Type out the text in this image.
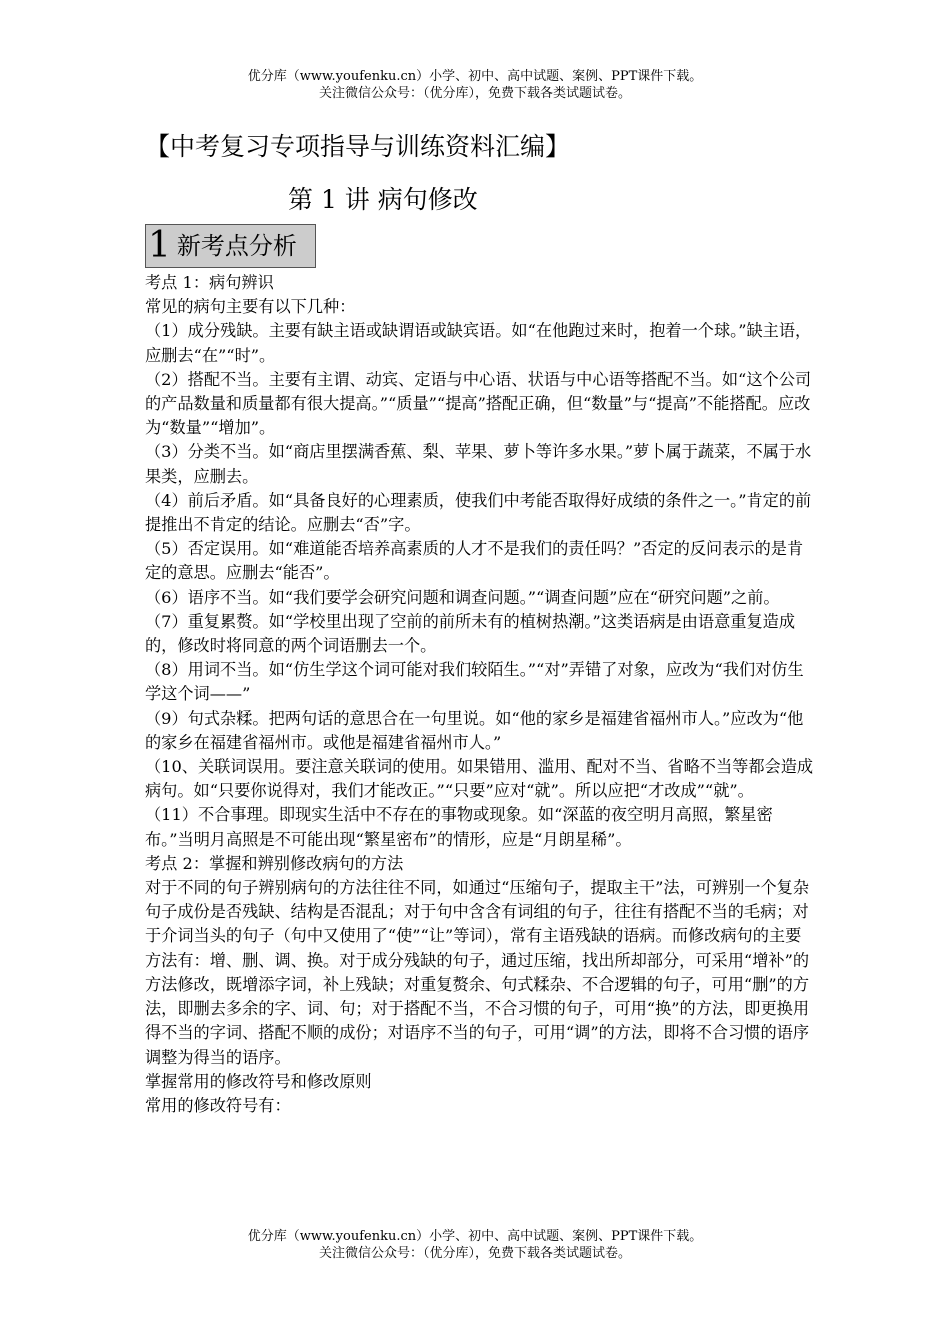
优分库（www.youfenku.cn）小学、初中、高中试题、案例、PPT课件下载。
关注微信公众号：（优分库），免费下载各类试题试卷。
【中考复习专项指导与训练资料汇编】
第 1 讲 病句修改
1 新考点分析

考点 1：病句辨识

常见的病句主要有以下几种：

（1）成分残缺。主要有缺主语或缺谓语或缺宾语。如“在他跑过来时，抱着一个球。”缺主语，应删去“在”“时”。

（2）搭配不当。主要有主谓、动宾、定语与中心语、状语与中心语等搭配不当。如“这个公司的产品数量和质量都有很大提高。”“质量”“提高”搭配正确，但“数量”与“提高”不能搭配。应改为“数量”“增加”。

（3）分类不当。如“商店里摆满香蕉、梨、苹果、萝卜等许多水果。”萝卜属于蔬菜，不属于水果类，应删去。

（4）前后矛盾。如“具备良好的心理素质，使我们中考能否取得好成绩的条件之一。”肯定的前提推出不肯定的结论。应删去“否”字。

（5）否定误用。如“难道能否培养高素质的人才不是我们的责任吗？”否定的反问表示的是肯定的意思。应删去“能否”。

（6）语序不当。如“我们要学会研究问题和调查问题。”“调查问题”应在“研究问题”之前。

（7）重复累赘。如“学校里出现了空前的前所未有的植树热潮。”这类语病是由语意重复造成的，修改时将同意的两个词语删去一个。

（8）用词不当。如“仿生学这个词可能对我们较陌生。”“对”弄错了对象，应改为“我们对仿生学这个词——”

（9）句式杂糅。把两句话的意思合在一句里说。如“他的家乡是福建省福州市人。”应改为“他的家乡在福建省福州市。或他是福建省福州市人。”

（10、关联词误用。要注意关联词的使用。如果错用、滥用、配对不当、省略不当等都会造成病句。如“只要你说得对，我们才能改正。”“只要”应对“就”。所以应把“才改成”“就”。

（11）不合事理。即现实生活中不存在的事物或现象。如“深蓝的夜空明月高照，繁星密布。”当明月高照是不可能出现“繁星密布”的情形，应是“月朗星稀”。

考点 2：掌握和辨别修改病句的方法

对于不同的句子辨别病句的方法往往不同，如通过“压缩句子，提取主干”法，可辨别一个复杂句子成份是否残缺、结构是否混乱；对于句中含含有词组的句子，往往有搭配不当的毛病；对于介词当头的句子（句中又使用了“使”“让”等词），常有主语残缺的语病。而修改病句的主要方法有：增、删、调、换。对于成分残缺的句子，通过压缩，找出所却部分，可采用“增补”的方法修改，既增添字词，补上残缺；对重复赘余、句式糅杂、不合逻辑的句子，可用“删”的方法，即删去多余的字、词、句；对于搭配不当，不合习惯的句子，可用“换”的方法，即更换用得不当的字词、搭配不顺的成份；对语序不当的句子，可用“调”的方法，即将不合习惯的语序调整为得当的语序。

掌握常用的修改符号和修改原则

常用的修改符号有：

优分库（www.youfenku.cn）小学、初中、高中试题、案例、PPT课件下载。
关注微信公众号：（优分库），免费下载各类试题试卷。
